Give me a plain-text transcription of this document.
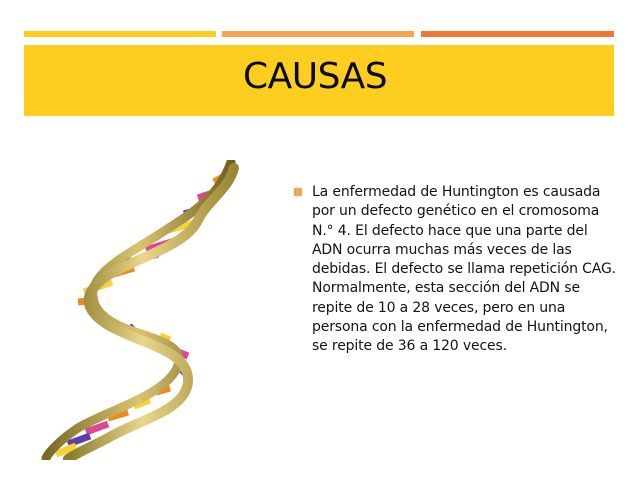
CAUSAS

La enfermedad de Huntington es causada por un defecto genético en el cromosoma N.° 4. El defecto hace que una parte del ADN ocurra muchas más veces de las debidas. El defecto se llama repetición CAG. Normalmente, esta sección del ADN se repite de 10 a 28 veces, pero en una persona con la enfermedad de Huntington, se repite de 36 a 120 veces.
